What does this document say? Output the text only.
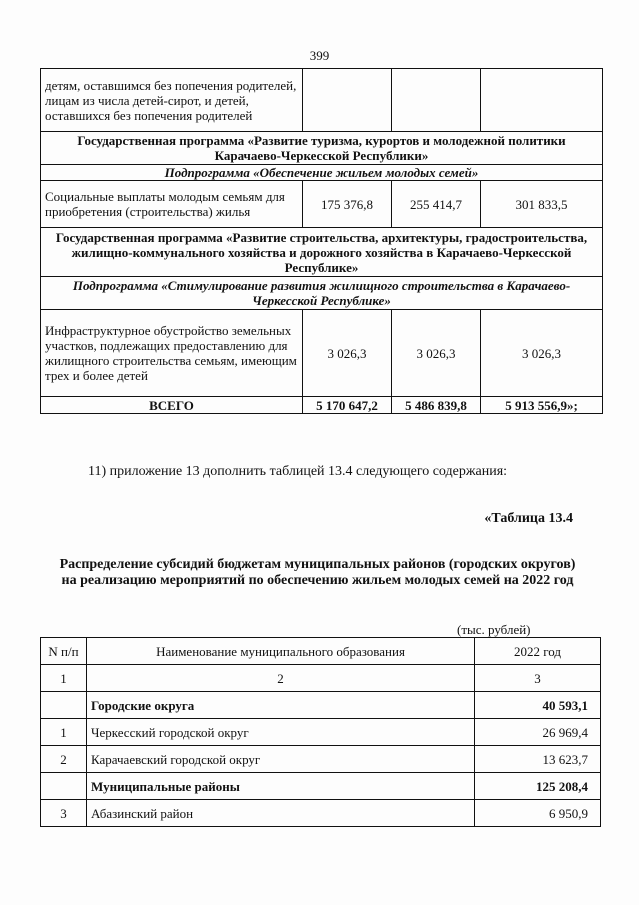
399
детям, оставшимся без попечения родителей, лицам из числа детей-сирот, и детей, оставшихся без попечения родителей			
Государственная программа «Развитие туризма, курортов и молодежной политики Карачаево-Черкесской Республики»			
Подпрограмма «Обеспечение жильем молодых семей»			
Социальные выплаты молодым семьям для приобретения (строительства) жилья	175 376,8	255 414,7	301 833,5
Государственная программа «Развитие строительства, архитектуры, градостроительства, жилищно-коммунального хозяйства и дорожного хозяйства в Карачаево-Черкесской Республике»			
Подпрограмма «Стимулирование развития жилищного строительства в Карачаево-Черкесской Республике»			
Инфраструктурное обустройство земельных участков, подлежащих предоставлению для жилищного строительства семьям, имеющим трех и более детей	3 026,3	3 026,3	3 026,3
ВСЕГО	5 170 647,2	5 486 839,8	5 913 556,9»;
11) приложение 13 дополнить таблицей 13.4 следующего содержания:
«Таблица 13.4
Распределение субсидий бюджетам муниципальных районов (городских округов) на реализацию мероприятий по обеспечению жильем молодых семей на 2022 год
(тыс. рублей)
N п/п	Наименование муниципального образования	2022 год
1	2	3
	Городские округа	40 593,1
1	Черкесский городской округ	26 969,4
2	Карачаевский городской округ	13 623,7
	Муниципальные районы	125 208,4
3	Абазинский район	6 950,9
